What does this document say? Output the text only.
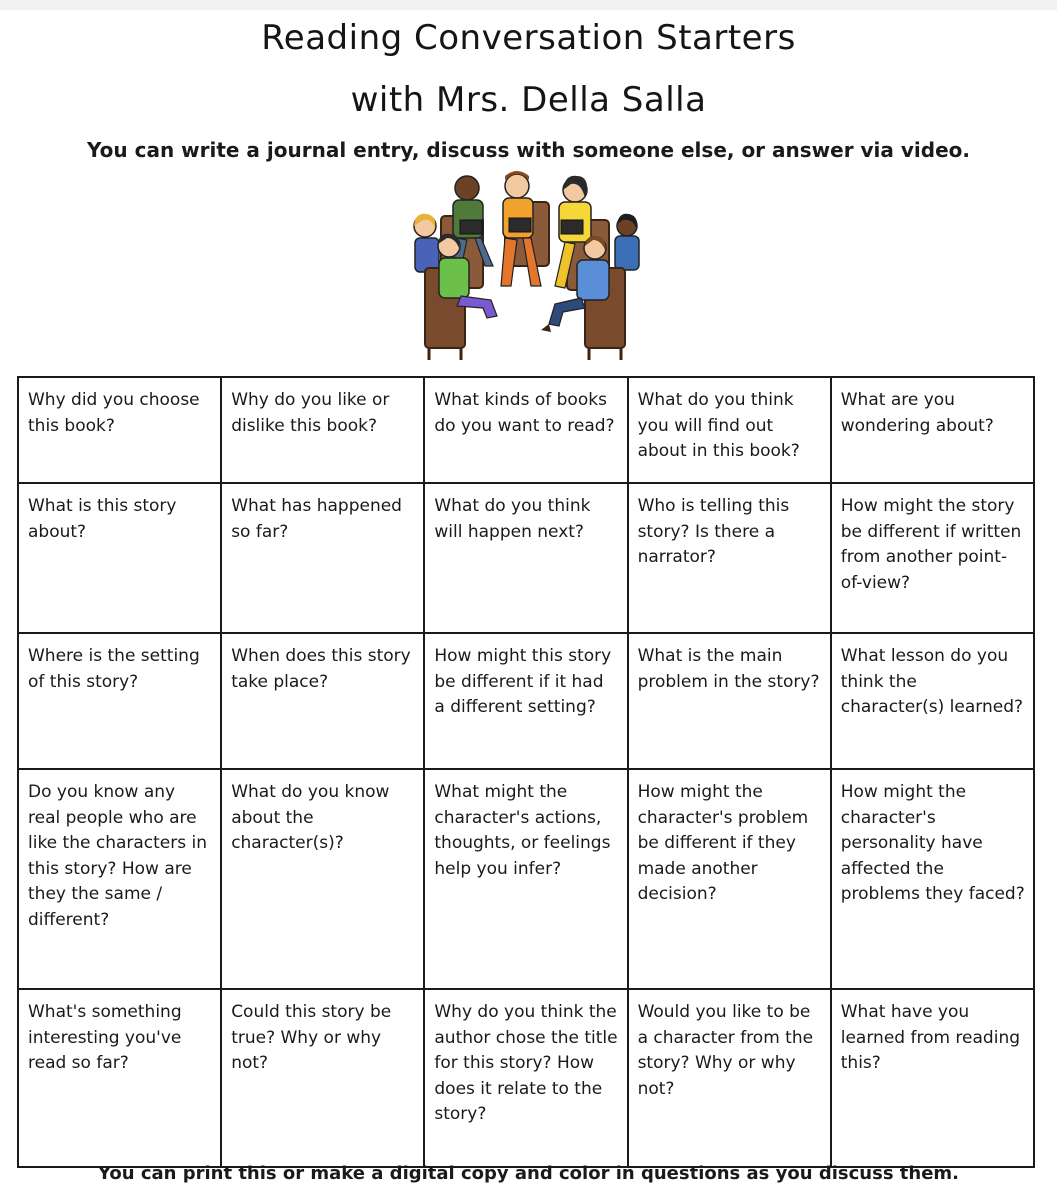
Reading Conversation Starters
with Mrs. Della Salla
You can write a journal entry, discuss with someone else, or answer via video.
Why did you choose this book?	Why do you like or dislike this book?	What kinds of books do you want to read?	What do you think you will find out about in this book?	What are you wondering about?
What is this story about?	What has happened so far?	What do you think will happen next?	Who is telling this story? Is there a narrator?	How might the story be different if written from another point-of-view?
Where is the setting of this story?	When does this story take place?	How might this story be different if it had a different setting?	What is the main problem in the story?	What lesson do you think the character(s) learned?
Do you know any real people who are like the characters in this story? How are they the same / different?	What do you know about the character(s)?	What might the character's actions, thoughts, or feelings help you infer?	How might the character's problem be different if they made another decision?	How might the character's personality have affected the problems they faced?
What's something interesting you've read so far?	Could this story be true? Why or why not?	Why do you think the author chose the title for this story? How does it relate to the story?	Would you like to be a character from the story? Why or why not?	What have you learned from reading this?
You can print this or make a digital copy and color in questions as you discuss them.
